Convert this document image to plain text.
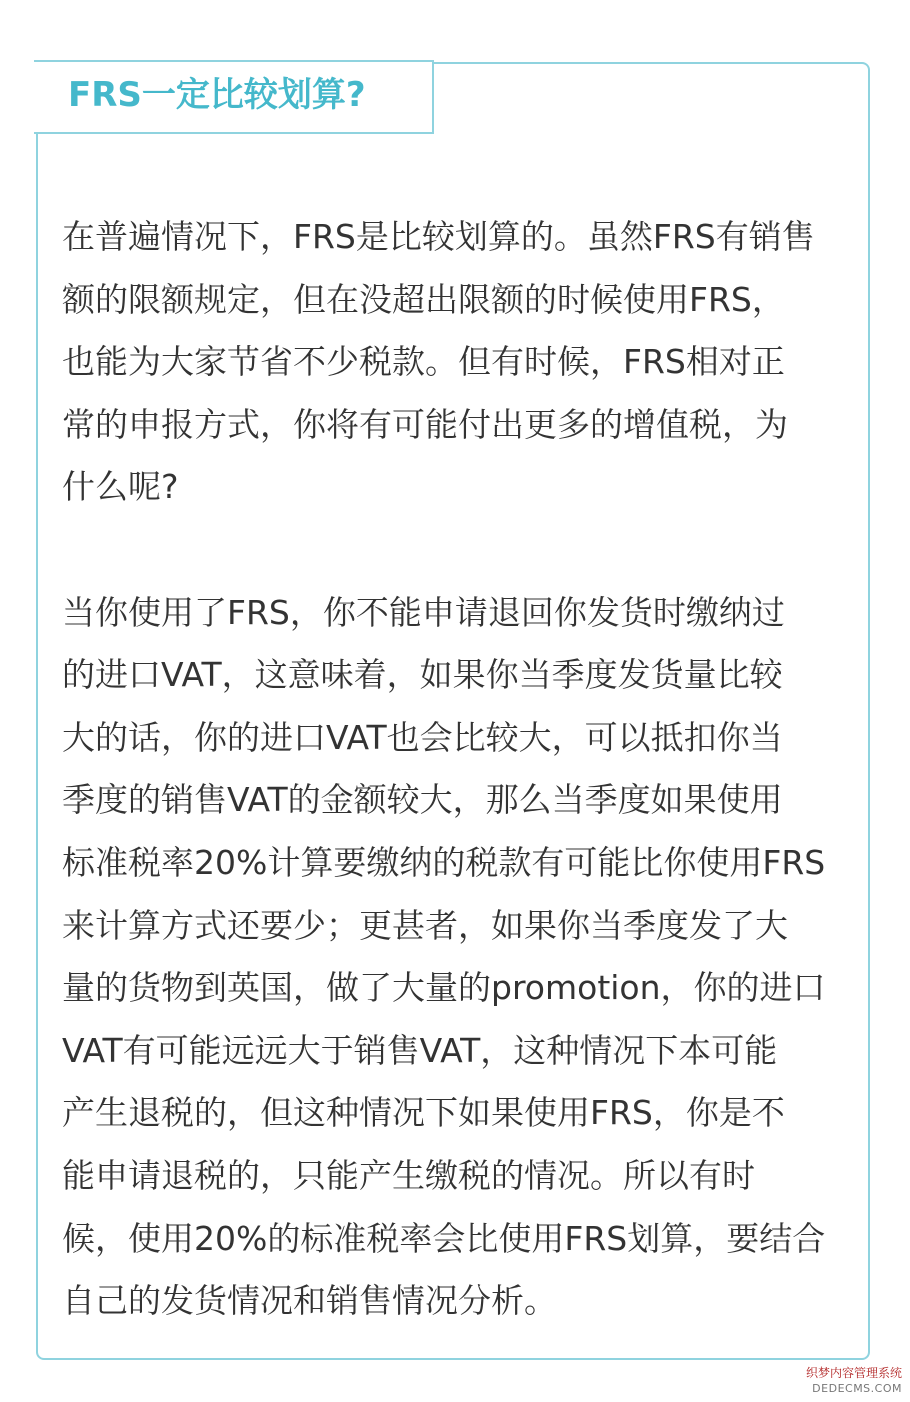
FRS一定比较划算?
在普遍情况下，FRS是比较划算的。虽然FRS有销售
额的限额规定，但在没超出限额的时候使用FRS，
也能为大家节省不少税款。但有时候，FRS相对正
常的申报方式，你将有可能付出更多的增值税，为
什么呢?
当你使用了FRS，你不能申请退回你发货时缴纳过
的进口VAT，这意味着，如果你当季度发货量比较
大的话，你的进口VAT也会比较大，可以抵扣你当
季度的销售VAT的金额较大，那么当季度如果使用
标准税率20%计算要缴纳的税款有可能比你使用FRS
来计算方式还要少；更甚者，如果你当季度发了大
量的货物到英国，做了大量的promotion，你的进口
VAT有可能远远大于销售VAT，这种情况下本可能
产生退税的，但这种情况下如果使用FRS，你是不
能申请退税的，只能产生缴税的情况。所以有时
候，使用20%的标准税率会比使用FRS划算，要结合
自己的发货情况和销售情况分析。
织梦内容管理系统
DEDECMS.COM
